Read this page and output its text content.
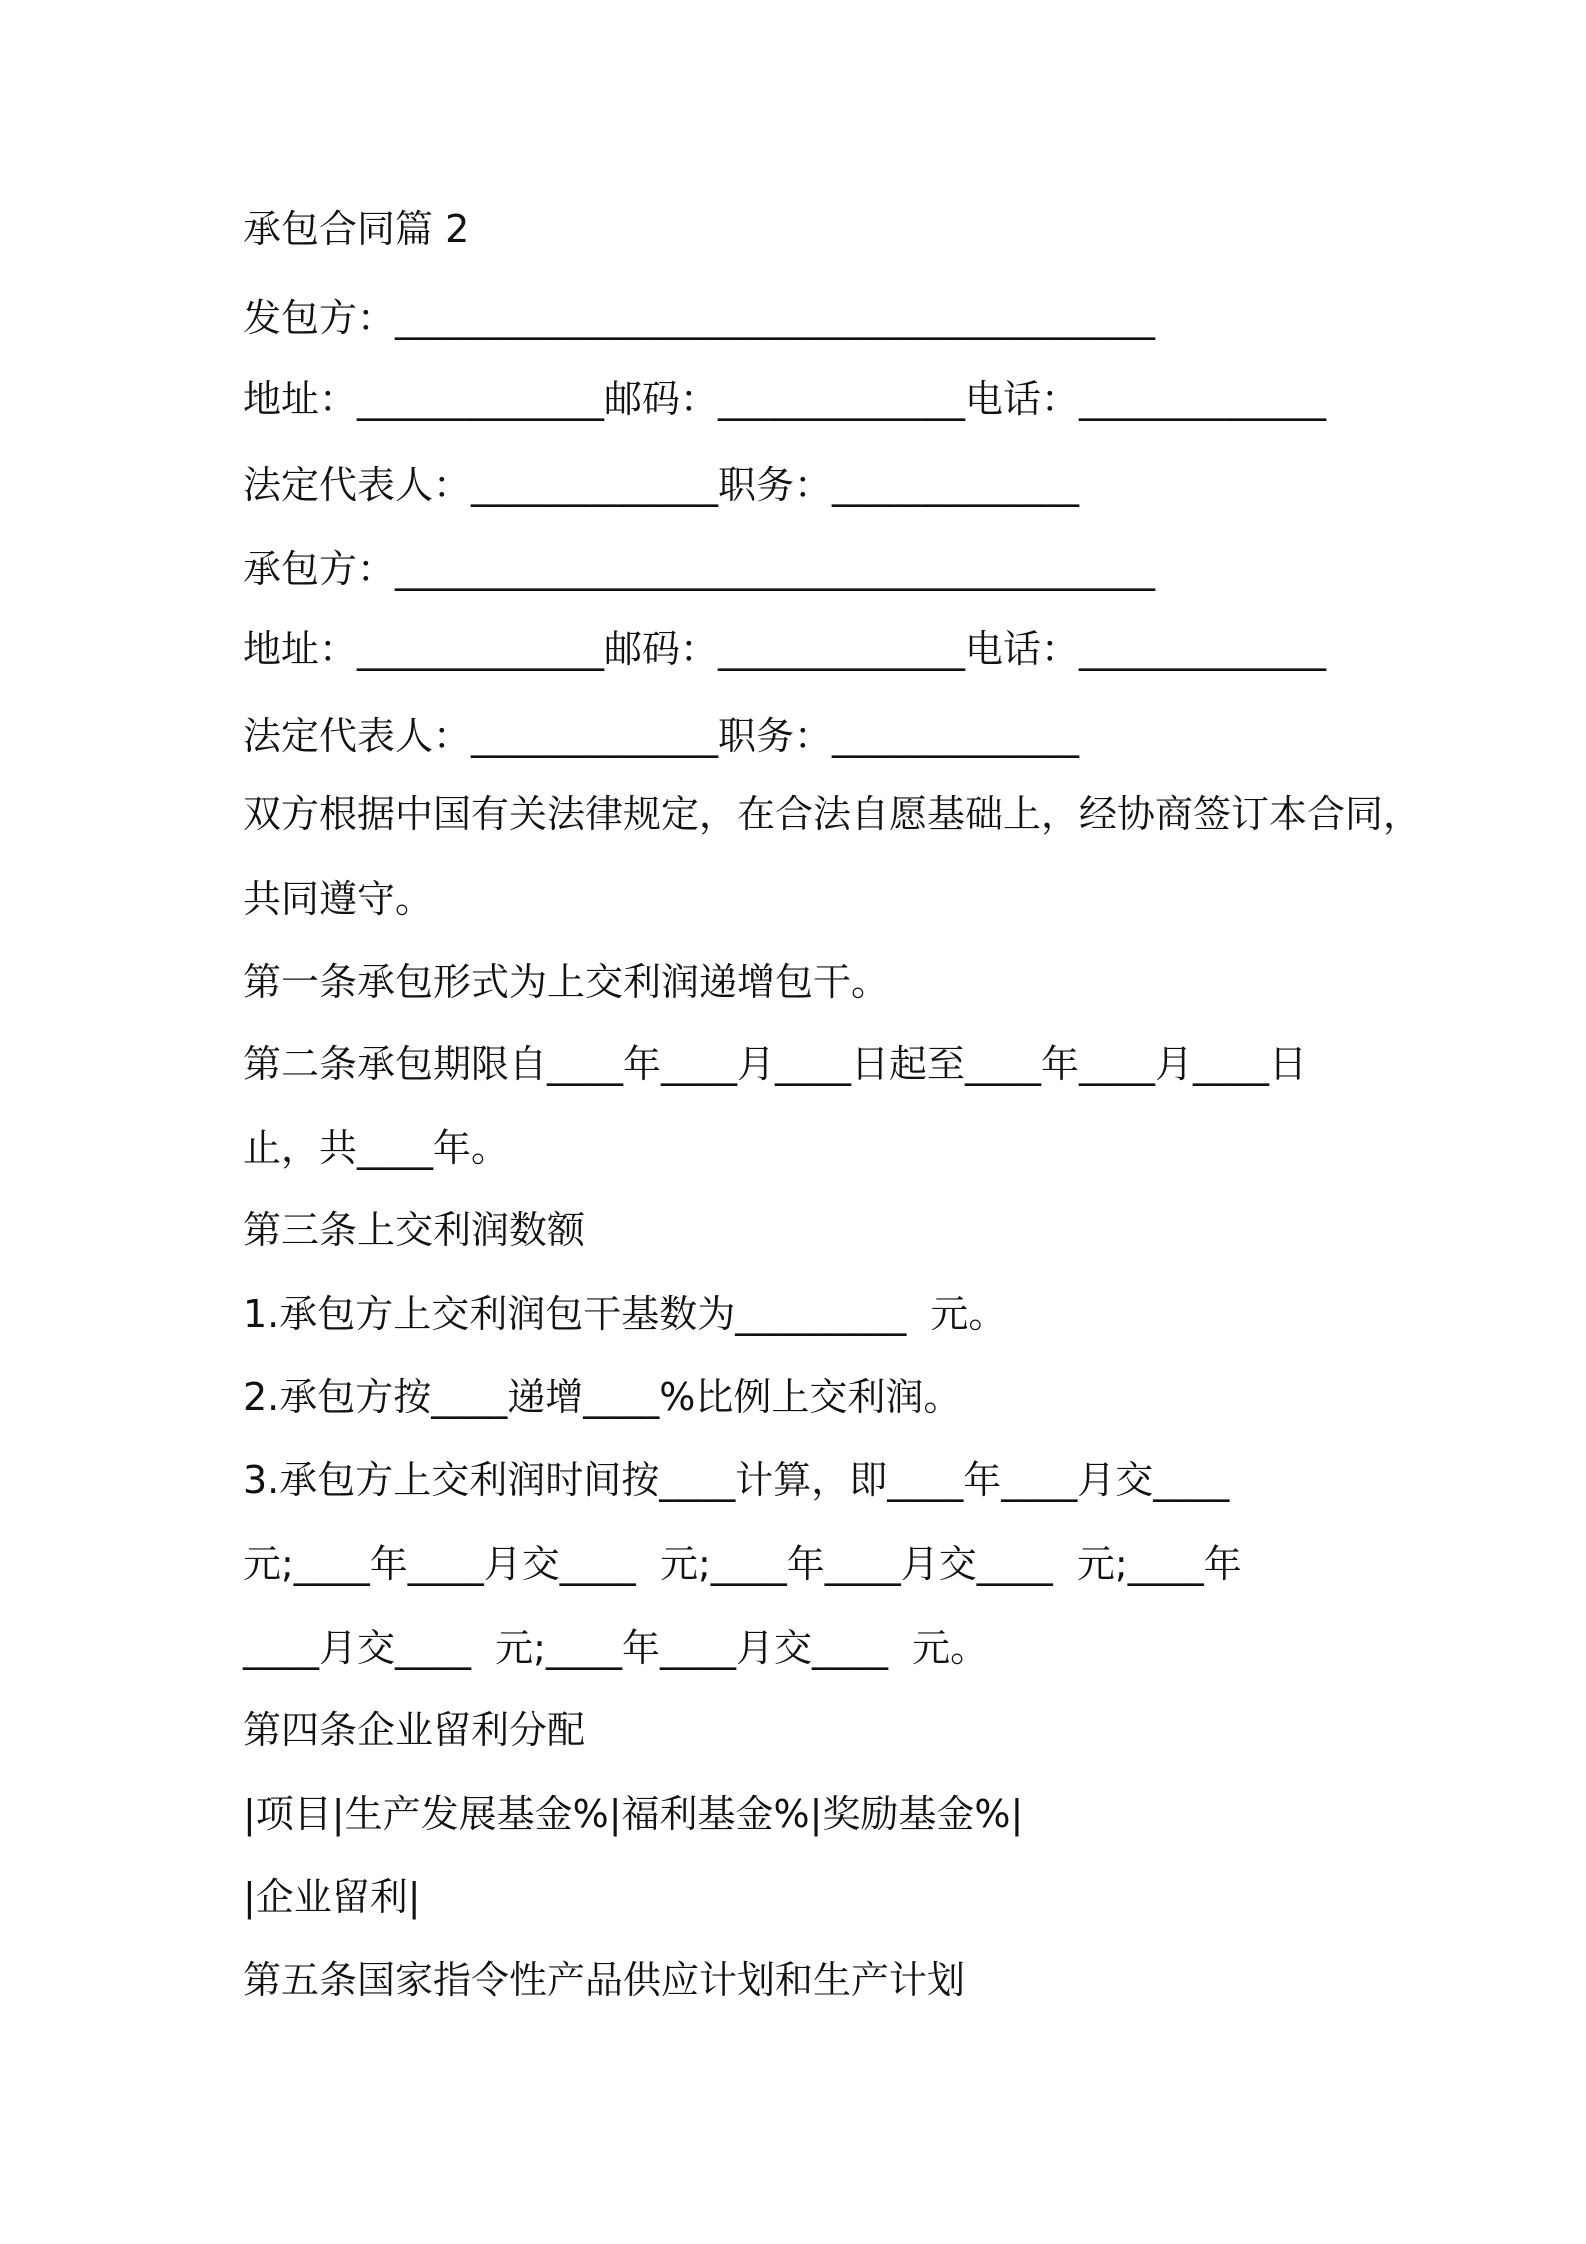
承包合同篇 2
发包方：________________________________________
地址：_____________邮码：_____________电话：_____________
法定代表人：_____________职务：_____________
承包方：________________________________________
地址：_____________邮码：_____________电话：_____________
法定代表人：_____________职务：_____________
双方根据中国有关法律规定，在合法自愿基础上，经协商签订本合同，
共同遵守。
第一条承包形式为上交利润递增包干。
第二条承包期限自____年____月____日起至____年____月____日
止，共____年。
第三条上交利润数额
1.承包方上交利润包干基数为_________  元。
2.承包方按____递增____%比例上交利润。
3.承包方上交利润时间按____计算，即____年____月交____
元;____年____月交____  元;____年____月交____  元;____年
____月交____  元;____年____月交____  元。
第四条企业留利分配
|项目|生产发展基金%|福利基金%|奖励基金%|
|企业留利|
第五条国家指令性产品供应计划和生产计划
